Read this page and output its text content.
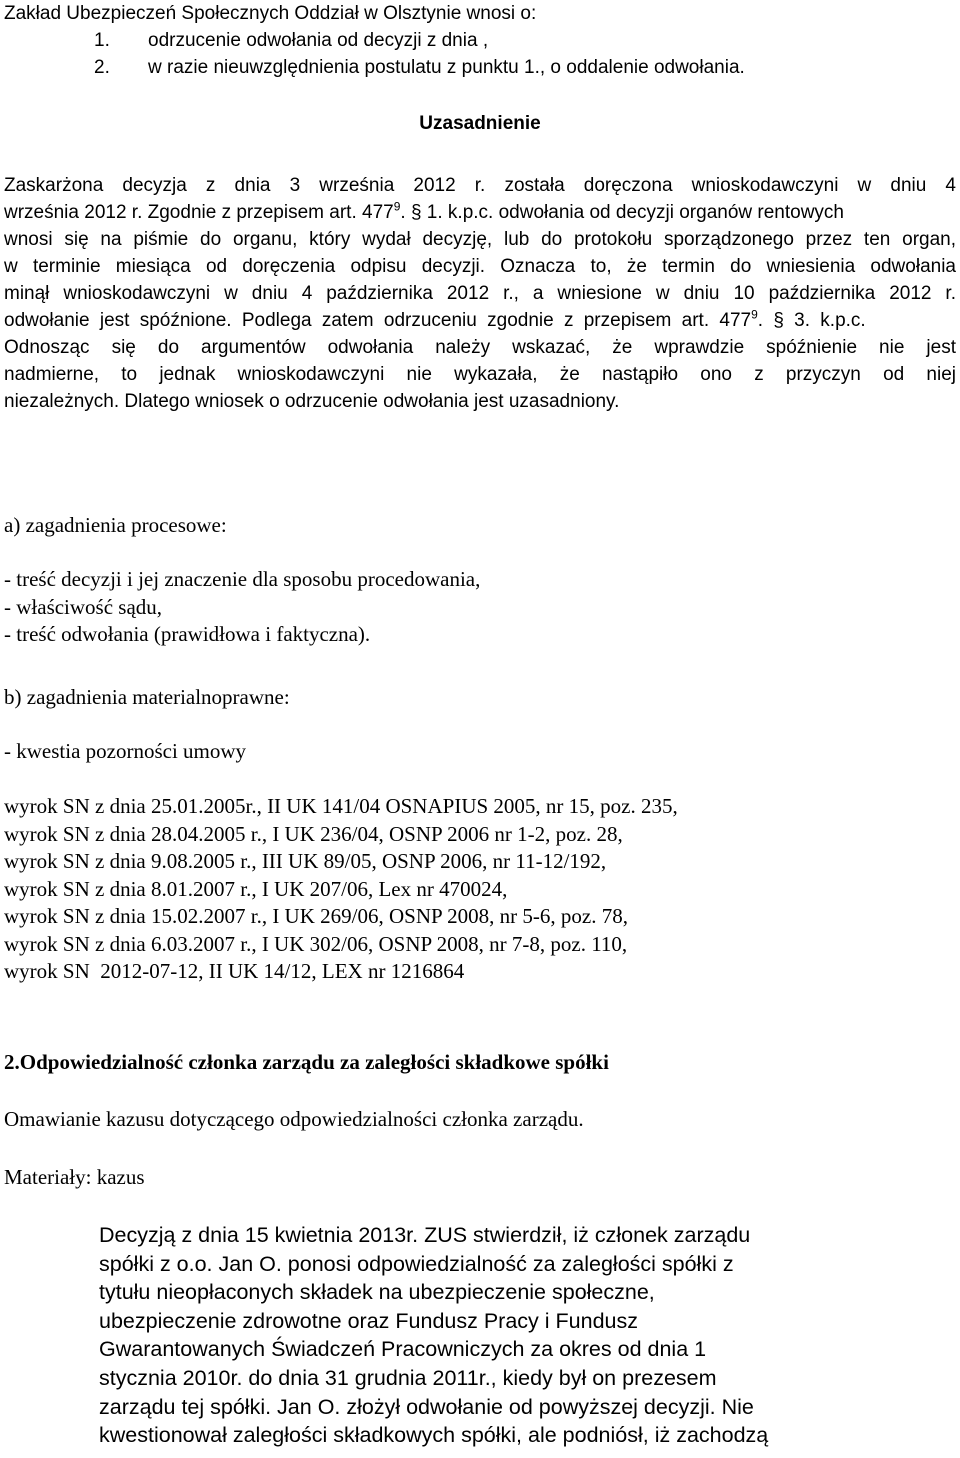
Zakład Ubezpieczeń Społecznych Oddział w Olsztynie wnosi o:
1. odrzucenie odwołania od decyzji z dnia ,
2. w razie nieuwzględnienia postulatu z punktu 1., o oddalenie odwołania.
Uzasadnienie
Zaskarżona decyzja z dnia 3 września 2012 r. została doręczona wnioskodawczyni w dniu 4
września 2012 r. Zgodnie z przepisem art. $477^9$. § 1. k.p.c. odwołania od decyzji organów rentowych
wnosi się na piśmie do organu, który wydał decyzję, lub do protokołu sporządzonego przez ten organ,
w terminie miesiąca od doręczenia odpisu decyzji. Oznacza to, że termin do wniesienia odwołania
minął wnioskodawczyni w dniu 4 października 2012 r., a wniesione w dniu 10 października 2012 r.
odwołanie jest spóźnione. Podlega zatem odrzuceniu zgodnie z przepisem art. $477^9$. § 3. k.p.c.
Odnosząc się do argumentów odwołania należy wskazać, że wprawdzie spóźnienie nie jest
nadmierne, to jednak wnioskodawczyni nie wykazała, że nastąpiło ono z przyczyn od niej
niezależnych. Dlatego wniosek o odrzucenie odwołania jest uzasadniony.
a) zagadnienia procesowe:
- treść decyzji i jej znaczenie dla sposobu procedowania,
- właściwość sądu,
- treść odwołania (prawidłowa i faktyczna).
b) zagadnienia materialnoprawne:
- kwestia pozorności umowy
wyrok SN z dnia 25.01.2005r., II UK 141/04 OSNAPIUS 2005, nr 15, poz. 235,
wyrok SN z dnia 28.04.2005 r., I UK 236/04, OSNP 2006 nr 1-2, poz. 28,
wyrok SN z dnia 9.08.2005 r., III UK 89/05, OSNP 2006, nr 11-12/192,
wyrok SN z dnia 8.01.2007 r., I UK 207/06, Lex nr 470024,
wyrok SN z dnia 15.02.2007 r., I UK 269/06, OSNP 2008, nr 5-6, poz. 78,
wyrok SN z dnia 6.03.2007 r., I UK 302/06, OSNP 2008, nr 7-8, poz. 110,
wyrok SN  2012-07-12, II UK 14/12, LEX nr 1216864
2.Odpowiedzialność członka zarządu za zaległości składkowe spółki
Omawianie kazusu dotyczącego odpowiedzialności członka zarządu.
Materiały: kazus
Decyzją z dnia 15 kwietnia 2013r. ZUS stwierdził, iż członek zarządu
spółki z o.o. Jan O. ponosi odpowiedzialność za zaległości spółki z
tytułu nieopłaconych składek na ubezpieczenie społeczne,
ubezpieczenie zdrowotne oraz Fundusz Pracy i Fundusz
Gwarantowanych Świadczeń Pracowniczych za okres od dnia 1
stycznia 2010r. do dnia 31 grudnia 2011r., kiedy był on prezesem
zarządu tej spółki. Jan O. złożył odwołanie od powyższej decyzji. Nie
kwestionował zaległości składkowych spółki, ale podniósł, iż zachodzą
